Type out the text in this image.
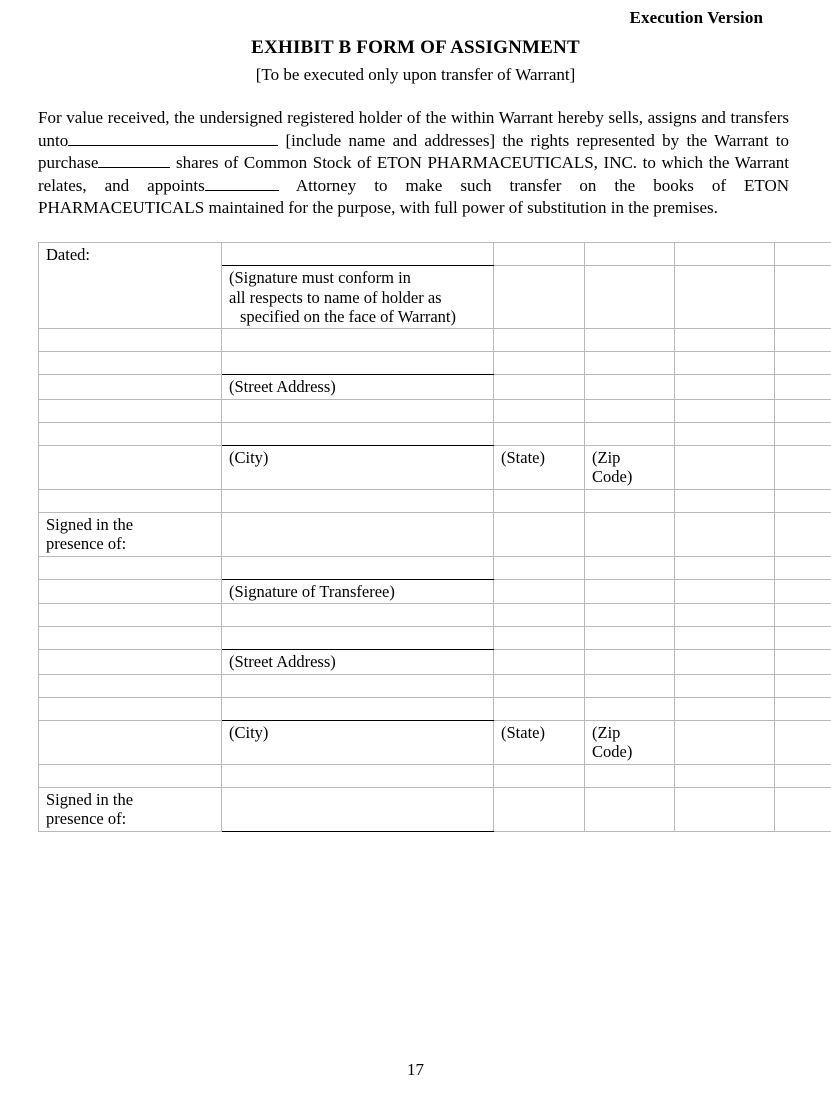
Execution Version
EXHIBIT B FORM OF ASSIGNMENT
[To be executed only upon transfer of Warrant]
For value received, the undersigned registered holder of the within Warrant hereby sells, assigns and transfers unto	[include name and addresses] the rights represented by the Warrant to purchase	shares of Common Stock of ETON PHARMACEUTICALS, INC. to which the Warrant relates, and appoints	Attorney to make such transfer on the books of ETON PHARMACEUTICALS maintained for the purpose, with full power of substitution in the premises.
Dated:					

	(Signature must conform in
all respects to name of holder as
specified on the face of Warrant)				

	(Street Address)				

	(City)	(State)	(Zip
Code)		

Signed in the
presence of:					

	(Signature of Transferee)				

	(Street Address)				

	(City)	(State)	(Zip
Code)		

Signed in the
presence of:					

17
